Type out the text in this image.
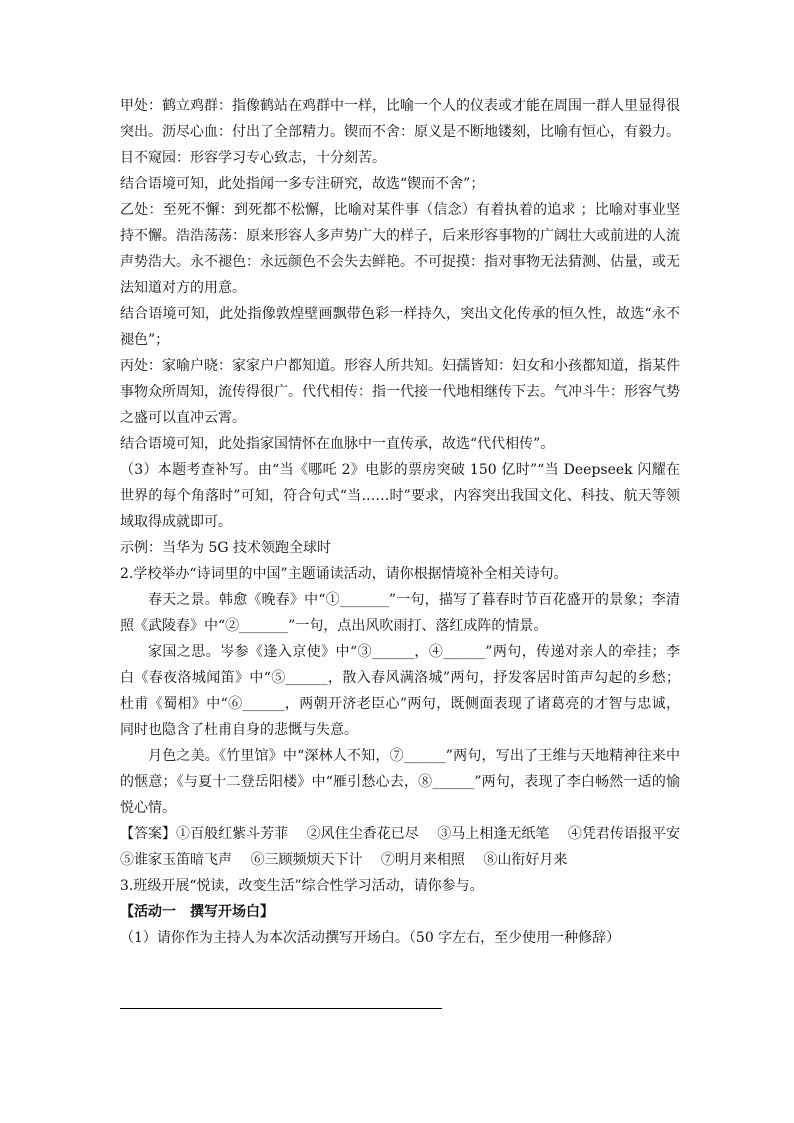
甲处：鹤立鸡群：指像鹤站在鸡群中一样，比喻一个人的仪表或才能在周围一群人里显得很突出。沥尽心血：付出了全部精力。锲而不舍：原义是不断地镂刻，比喻有恒心，有毅力。目不窥园：形容学习专心致志，十分刻苦。

结合语境可知，此处指闻一多专注研究，故选“锲而不舍”；

乙处：至死不懈：到死都不松懈，比喻对某件事（信念）有着执着的追求 ；比喻对事业坚持不懈。浩浩荡荡：原来形容人多声势广大的样子，后来形容事物的广阔壮大或前进的人流声势浩大。永不褪色：永远颜色不会失去鲜艳。不可捉摸：指对事物无法猜测、估量，或无法知道对方的用意。

结合语境可知，此处指像敦煌壁画飘带色彩一样持久，突出文化传承的恒久性，故选“永不褪色”；

丙处：家喻户晓：家家户户都知道。形容人所共知。妇孺皆知：妇女和小孩都知道，指某件事物众所周知，流传得很广。代代相传：指一代接一代地相继传下去。气冲斗牛：形容气势之盛可以直冲云霄。

结合语境可知，此处指家国情怀在血脉中一直传承，故选“代代相传”。

（3）本题考查补写。由“当《哪吒 2》电影的票房突破 150 亿时”“当 Deepseek 闪耀在世界的每个角落时”可知，符合句式“当……时”要求，内容突出我国文化、科技、航天等领域取得成就即可。

示例：当华为 5G 技术领跑全球时

2.学校举办“诗词里的中国”主题诵读活动，请你根据情境补全相关诗句。

春天之景。韩愈《晚春》中“①_______”一句，描写了暮春时节百花盛开的景象；李清照《武陵春》中“②_______”一句，点出风吹雨打、落红成阵的情景。

家国之思。岑参《逢入京使》中“③______，④______”两句，传递对亲人的牵挂；李白《春夜洛城闻笛》中“⑤______，散入春风满洛城”两句，抒发客居时笛声勾起的乡愁；杜甫《蜀相》中“⑥______，两朝开济老臣心”两句，既侧面表现了诸葛亮的才智与忠诚，同时也隐含了杜甫自身的悲慨与失意。

月色之美。《竹里馆》中“深林人不知，⑦______”两句，写出了王维与天地精神往来中的惬意；《与夏十二登岳阳楼》中“雁引愁心去，⑧______”两句，表现了李白畅然一适的愉悦心情。

【答案】①百般红紫斗芳菲　 ②风住尘香花已尽　 ③马上相逢无纸笔　 ④凭君传语报平安　 ⑤谁家玉笛暗飞声　 ⑥三顾频烦天下计　 ⑦明月来相照　 ⑧山衔好月来

3.班级开展“悦读，改变生活”综合性学习活动，请你参与。

【活动一　撰写开场白】

（1）请你作为主持人为本次活动撰写开场白。（50 字左右，至少使用一种修辞）
